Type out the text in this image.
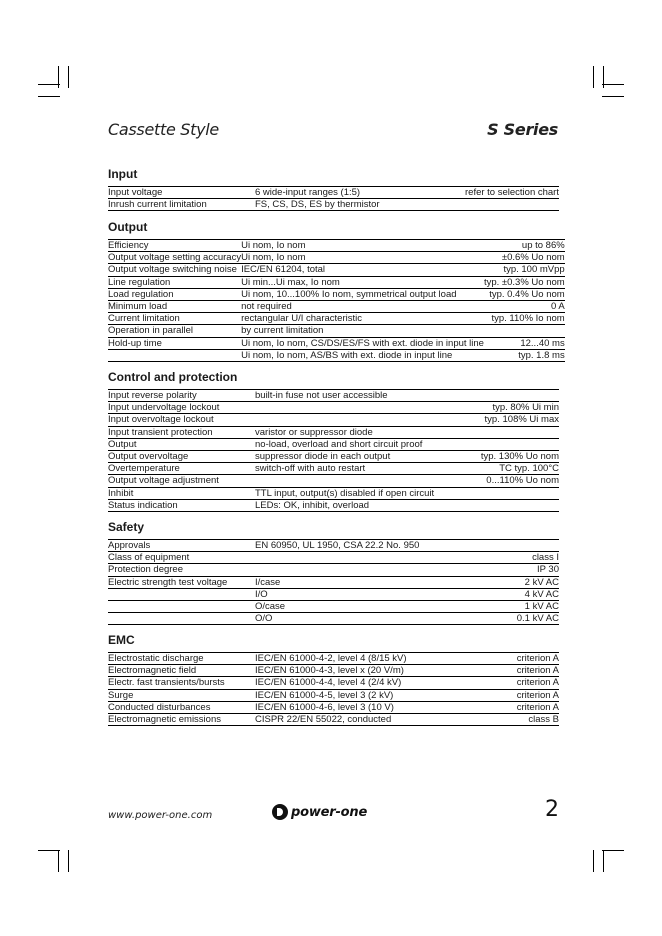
Cassette Style	S Series
Input
Input voltage	6 wide-input ranges (1:5)	refer to selection chart
Inrush current limitation	FS, CS, DS, ES by thermistor	
Output
Efficiency	Ui nom, Io nom	up to 86%
Output voltage setting accuracy	Ui nom, Io nom	±0.6% Uo nom
Output voltage switching noise	IEC/EN 61204, total	typ. 100 mVpp
Line regulation	Ui min...Ui max, Io nom	typ. ±0.3% Uo nom
Load regulation	Ui nom, 10...100% Io nom, symmetrical output load	typ. 0.4% Uo nom
Minimum load	not required	0 A
Current limitation	rectangular U/I characteristic	typ. 110% Io nom
Operation in parallel	by current limitation	
Hold-up time	Ui nom, Io nom, CS/DS/ES/FS with ext. diode in input line	12...40 ms
	Ui nom, Io nom, AS/BS with ext. diode in input line	typ. 1.8 ms
Control and protection
Input reverse polarity	built-in fuse not user accessible	
Input undervoltage lockout		typ. 80% Ui min
Input overvoltage lockout		typ. 108% Ui max
Input transient protection	varistor or suppressor diode	
Output	no-load, overload and short circuit proof	
Output overvoltage	suppressor diode in each output	typ. 130% Uo nom
Overtemperature	switch-off with auto restart	TC typ. 100°C
Output voltage adjustment		0...110% Uo nom
Inhibit	TTL input, output(s) disabled if open circuit	
Status indication	LEDs: OK, inhibit, overload	
Safety
Approvals	EN 60950, UL 1950, CSA 22.2 No. 950	
Class of equipment		class I
Protection degree		IP 30
Electric strength test voltage	I/case	2 kV AC
	I/O	4 kV AC
	O/case	1 kV AC
	O/O	0.1 kV AC
EMC
Electrostatic discharge	IEC/EN 61000-4-2, level 4 (8/15 kV)	criterion A
Electromagnetic field	IEC/EN 61000-4-3, level x (20 V/m)	criterion A
Electr. fast transients/bursts	IEC/EN 61000-4-4, level 4 (2/4 kV)	criterion A
Surge	IEC/EN 61000-4-5, level 3 (2 kV)	criterion A
Conducted disturbances	IEC/EN 61000-4-6, level 3 (10 V)	criterion A
Electromagnetic emissions	CISPR 22/EN 55022, conducted	class B
www.power-one.com	power-one	2
